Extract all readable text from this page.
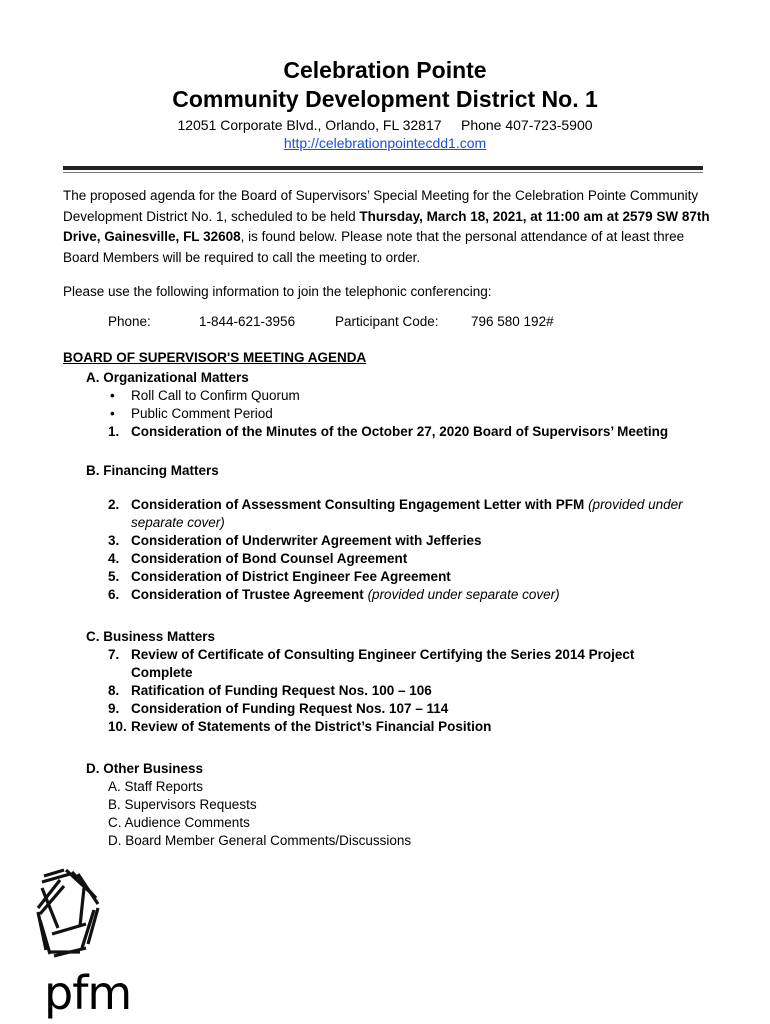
Celebration Pointe
Community Development District No. 1
12051 Corporate Blvd., Orlando, FL 32817     Phone 407-723-5900
http://celebrationpointecdd1.com
The proposed agenda for the Board of Supervisors’ Special Meeting for the Celebration Pointe Community Development District No. 1, scheduled to be held Thursday, March 18, 2021, at 11:00 am at 2579 SW 87th Drive, Gainesville, FL 32608, is found below. Please note that the personal attendance of at least three Board Members will be required to call the meeting to order.
Please use the following information to join the telephonic conferencing:
Phone:	1-844-621-3956	Participant Code: 796 580 192#
BOARD OF SUPERVISOR'S MEETING AGENDA
A. Organizational Matters
• Roll Call to Confirm Quorum
• Public Comment Period
1. Consideration of the Minutes of the October 27, 2020 Board of Supervisors’ Meeting
B. Financing Matters
2. Consideration of Assessment Consulting Engagement Letter with PFM (provided under
separate cover)
3. Consideration of Underwriter Agreement with Jefferies
4. Consideration of Bond Counsel Agreement
5. Consideration of District Engineer Fee Agreement
6. Consideration of Trustee Agreement (provided under separate cover)
C. Business Matters
7. Review of Certificate of Consulting Engineer Certifying the Series 2014 Project
Complete
8. Ratification of Funding Request Nos. 100 – 106
9. Consideration of Funding Request Nos. 107 – 114
10. Review of Statements of the District’s Financial Position
D. Other Business
A. Staff Reports
B. Supervisors Requests
C. Audience Comments
D. Board Member General Comments/Discussions
pfm
